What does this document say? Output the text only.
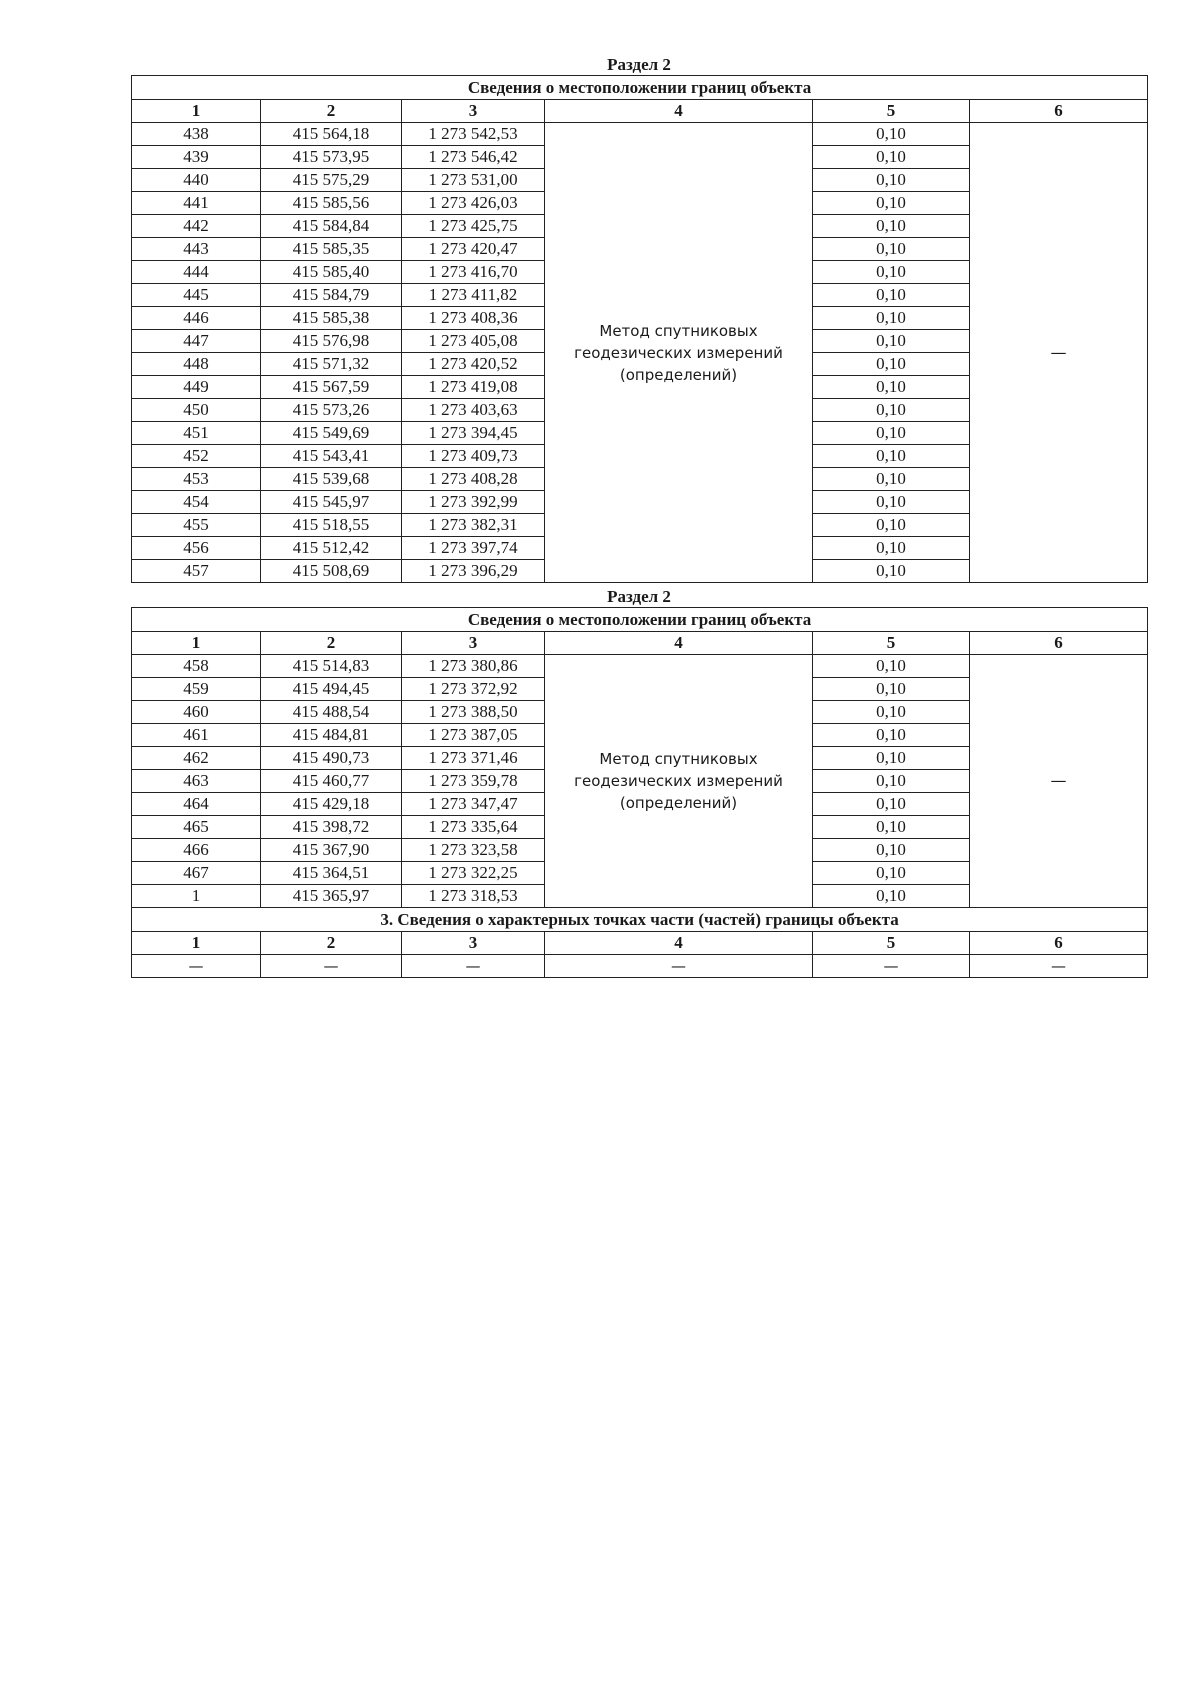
Раздел 2
Сведения о местоположении границ объекта					
1	2	3	4	5	6
438	415 564,18	1 273 542,53	Метод спутниковых
геодезических измерений
(определений)	0,10	—
439	415 573,95	1 273 546,42		0,10	
440	415 575,29	1 273 531,00		0,10	
441	415 585,56	1 273 426,03		0,10	
442	415 584,84	1 273 425,75		0,10	
443	415 585,35	1 273 420,47		0,10	
444	415 585,40	1 273 416,70		0,10	
445	415 584,79	1 273 411,82		0,10	
446	415 585,38	1 273 408,36		0,10	
447	415 576,98	1 273 405,08		0,10	
448	415 571,32	1 273 420,52		0,10	
449	415 567,59	1 273 419,08		0,10	
450	415 573,26	1 273 403,63		0,10	
451	415 549,69	1 273 394,45		0,10	
452	415 543,41	1 273 409,73		0,10	
453	415 539,68	1 273 408,28		0,10	
454	415 545,97	1 273 392,99		0,10	
455	415 518,55	1 273 382,31		0,10	
456	415 512,42	1 273 397,74		0,10	
457	415 508,69	1 273 396,29		0,10	
Раздел 2
Сведения о местоположении границ объекта					
1	2	3	4	5	6
458	415 514,83	1 273 380,86	Метод спутниковых
геодезических измерений
(определений)	0,10	—
459	415 494,45	1 273 372,92		0,10	
460	415 488,54	1 273 388,50		0,10	
461	415 484,81	1 273 387,05		0,10	
462	415 490,73	1 273 371,46		0,10	
463	415 460,77	1 273 359,78		0,10	
464	415 429,18	1 273 347,47		0,10	
465	415 398,72	1 273 335,64		0,10	
466	415 367,90	1 273 323,58		0,10	
467	415 364,51	1 273 322,25		0,10	
1	415 365,97	1 273 318,53		0,10	
3. Сведения о характерных точках части (частей) границы объекта					
1	2	3	4	5	6
—	—	—	—	—	—
